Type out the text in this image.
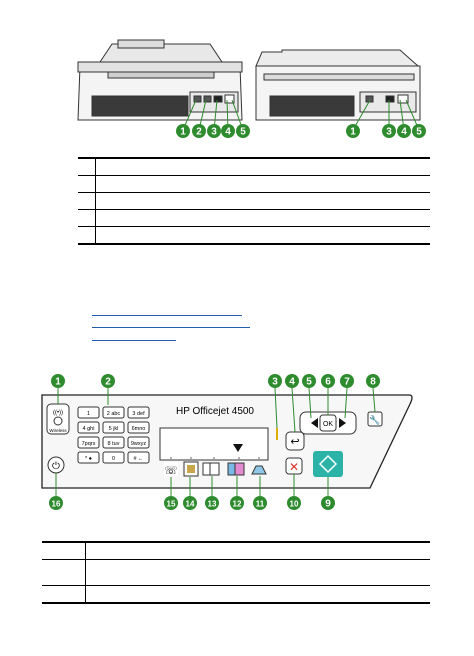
1 2 3 4 5	1	3 4 5
((•))
Wireless
1	2 abc 3 def
4 ghi	5 jkl 6mno
7pqrs 8 tuv 9wxyz
* ●	0	# ←
HP Officejet 4500
↩
OK	🔧
⏻	☏	✕
1	2	3 4 5 6 7 8
16	15 14 13 12 11	10	9
